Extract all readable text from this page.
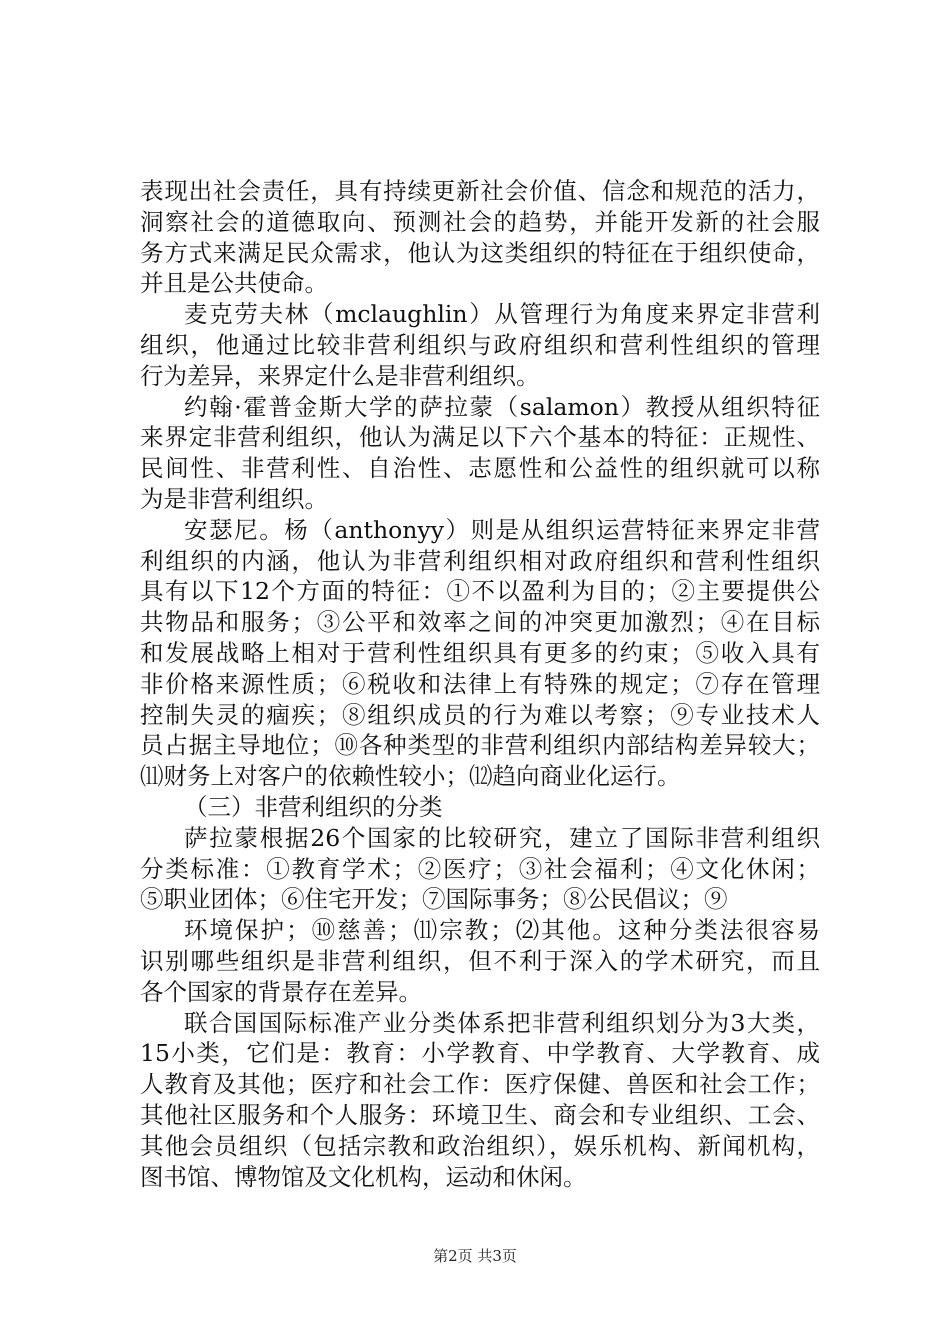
表现出社会责任，具有持续更新社会价值、信念和规范的活力，
洞察社会的道德取向、预测社会的趋势，并能开发新的社会服
务方式来满足民众需求，他认为这类组织的特征在于组织使命，
并且是公共使命。
麦克劳夫林（mclaughlin）从管理行为角度来界定非营利
组织，他通过比较非营利组织与政府组织和营利性组织的管理
行为差异，来界定什么是非营利组织。
约翰·霍普金斯大学的萨拉蒙（salamon）教授从组织特征
来界定非营利组织，他认为满足以下六个基本的特征：正规性、
民间性、非营利性、自治性、志愿性和公益性的组织就可以称
为是非营利组织。
安瑟尼。杨（anthonyy）则是从组织运营特征来界定非营
利组织的内涵，他认为非营利组织相对政府组织和营利性组织
具有以下12个方面的特征：①不以盈利为目的；②主要提供公
共物品和服务；③公平和效率之间的冲突更加激烈；④在目标
和发展战略上相对于营利性组织具有更多的约束；⑤收入具有
非价格来源性质；⑥税收和法律上有特殊的规定；⑦存在管理
控制失灵的痼疾；⑧组织成员的行为难以考察；⑨专业技术人
员占据主导地位；⑩各种类型的非营利组织内部结构差异较大；
⑾财务上对客户的依赖性较小；⑿趋向商业化运行。
（三）非营利组织的分类
萨拉蒙根据26个国家的比较研究，建立了国际非营利组织
分类标准：①教育学术；②医疗；③社会福利；④文化休闲；
⑤职业团体；⑥住宅开发；⑦国际事务；⑧公民倡议；⑨
环境保护；⑩慈善；⑾宗教；⑵其他。这种分类法很容易
识别哪些组织是非营利组织，但不利于深入的学术研究，而且
各个国家的背景存在差异。
联合国国际标准产业分类体系把非营利组织划分为3大类，
15小类，它们是：教育：小学教育、中学教育、大学教育、成
人教育及其他；医疗和社会工作：医疗保健、兽医和社会工作；
其他社区服务和个人服务：环境卫生、商会和专业组织、工会、
其他会员组织（包括宗教和政治组织），娱乐机构、新闻机构，
图书馆、博物馆及文化机构，运动和休闲。
第2页 共3页
